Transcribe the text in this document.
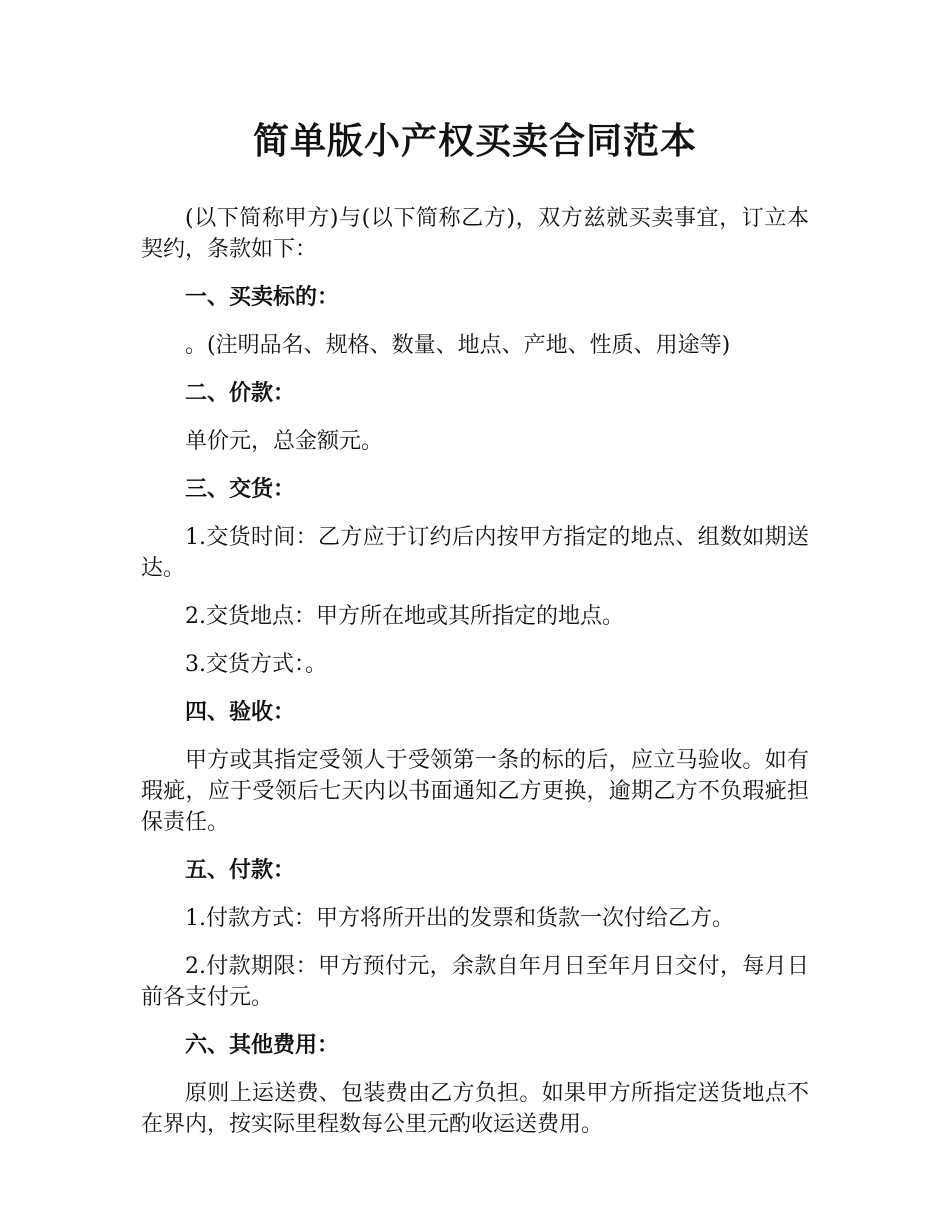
简单版小产权买卖合同范本

(以下简称甲方)与(以下简称乙方)，双方兹就买卖事宜，订立本契约，条款如下：

一、买卖标的：

。(注明品名、规格、数量、地点、产地、性质、用途等)

二、价款：

单价元，总金额元。

三、交货：

1.交货时间：乙方应于订约后内按甲方指定的地点、组数如期送达。

2.交货地点：甲方所在地或其所指定的地点。

3.交货方式：。

四、验收：

甲方或其指定受领人于受领第一条的标的后，应立马验收。如有瑕疵，应于受领后七天内以书面通知乙方更换，逾期乙方不负瑕疵担保责任。

五、付款：

1.付款方式：甲方将所开出的发票和货款一次付给乙方。

2.付款期限：甲方预付元，余款自年月日至年月日交付，每月日前各支付元。

六、其他费用：

原则上运送费、包装费由乙方负担。如果甲方所指定送货地点不在界内，按实际里程数每公里元酌收运送费用。
